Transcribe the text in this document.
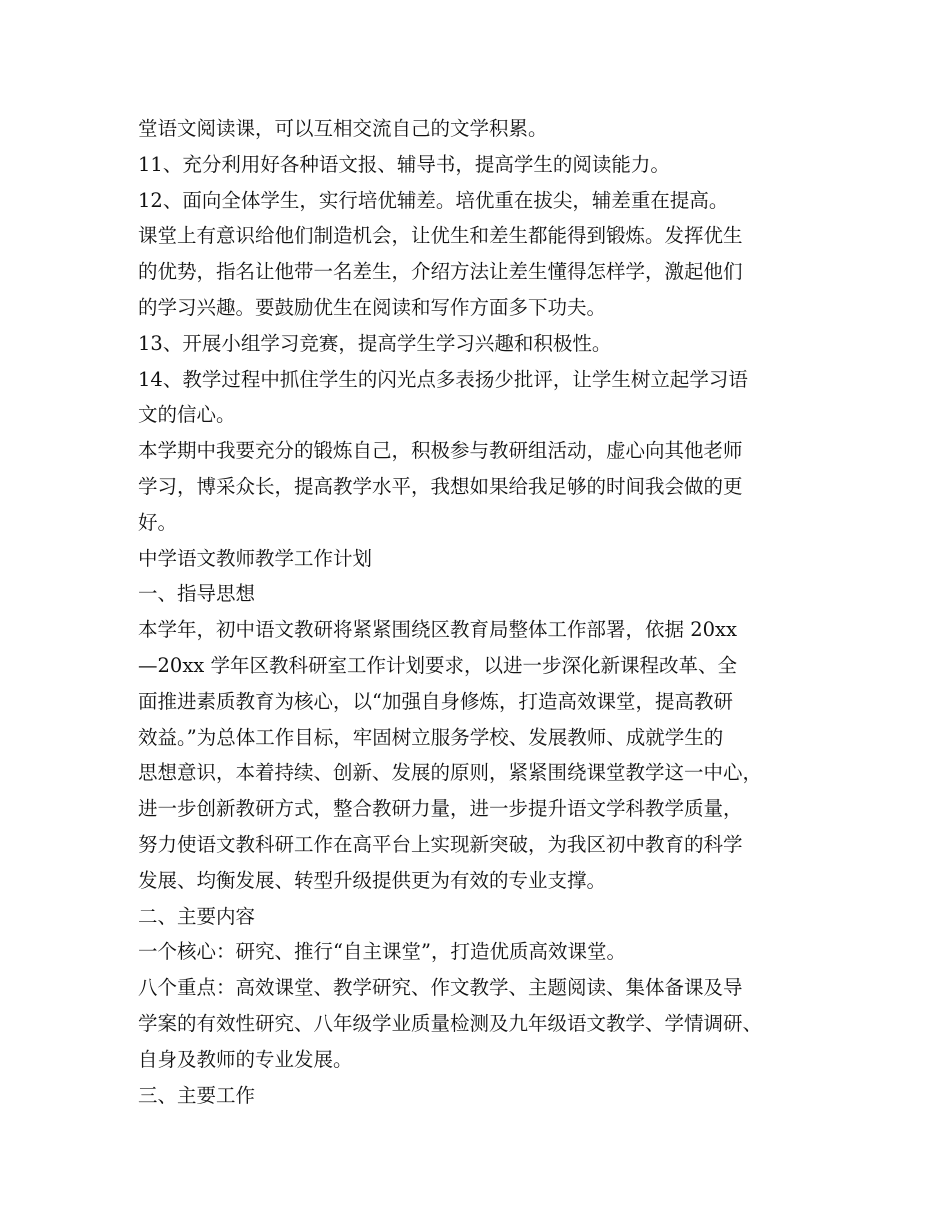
堂语文阅读课，可以互相交流自己的文学积累。
11、充分利用好各种语文报、辅导书，提高学生的阅读能力。
12、面向全体学生，实行培优辅差。培优重在拔尖，辅差重在提高。
课堂上有意识给他们制造机会，让优生和差生都能得到锻炼。发挥优生
的优势，指名让他带一名差生，介绍方法让差生懂得怎样学，激起他们
的学习兴趣。要鼓励优生在阅读和写作方面多下功夫。
13、开展小组学习竞赛，提高学生学习兴趣和积极性。
14、教学过程中抓住学生的闪光点多表扬少批评，让学生树立起学习语
文的信心。
本学期中我要充分的锻炼自己，积极参与教研组活动，虚心向其他老师
学习，博采众长，提高教学水平，我想如果给我足够的时间我会做的更
好。
中学语文教师教学工作计划
一、指导思想
本学年，初中语文教研将紧紧围绕区教育局整体工作部署，依据 20xx
—20xx 学年区教科研室工作计划要求，以进一步深化新课程改革、全
面推进素质教育为核心，以“加强自身修炼，打造高效课堂，提高教研
效益。”为总体工作目标，牢固树立服务学校、发展教师、成就学生的
思想意识，本着持续、创新、发展的原则，紧紧围绕课堂教学这一中心，
进一步创新教研方式，整合教研力量，进一步提升语文学科教学质量，
努力使语文教科研工作在高平台上实现新突破，为我区初中教育的科学
发展、均衡发展、转型升级提供更为有效的专业支撑。
二、主要内容
一个核心：研究、推行“自主课堂”，打造优质高效课堂。
八个重点：高效课堂、教学研究、作文教学、主题阅读、集体备课及导
学案的有效性研究、八年级学业质量检测及九年级语文教学、学情调研、
自身及教师的专业发展。
三、主要工作
